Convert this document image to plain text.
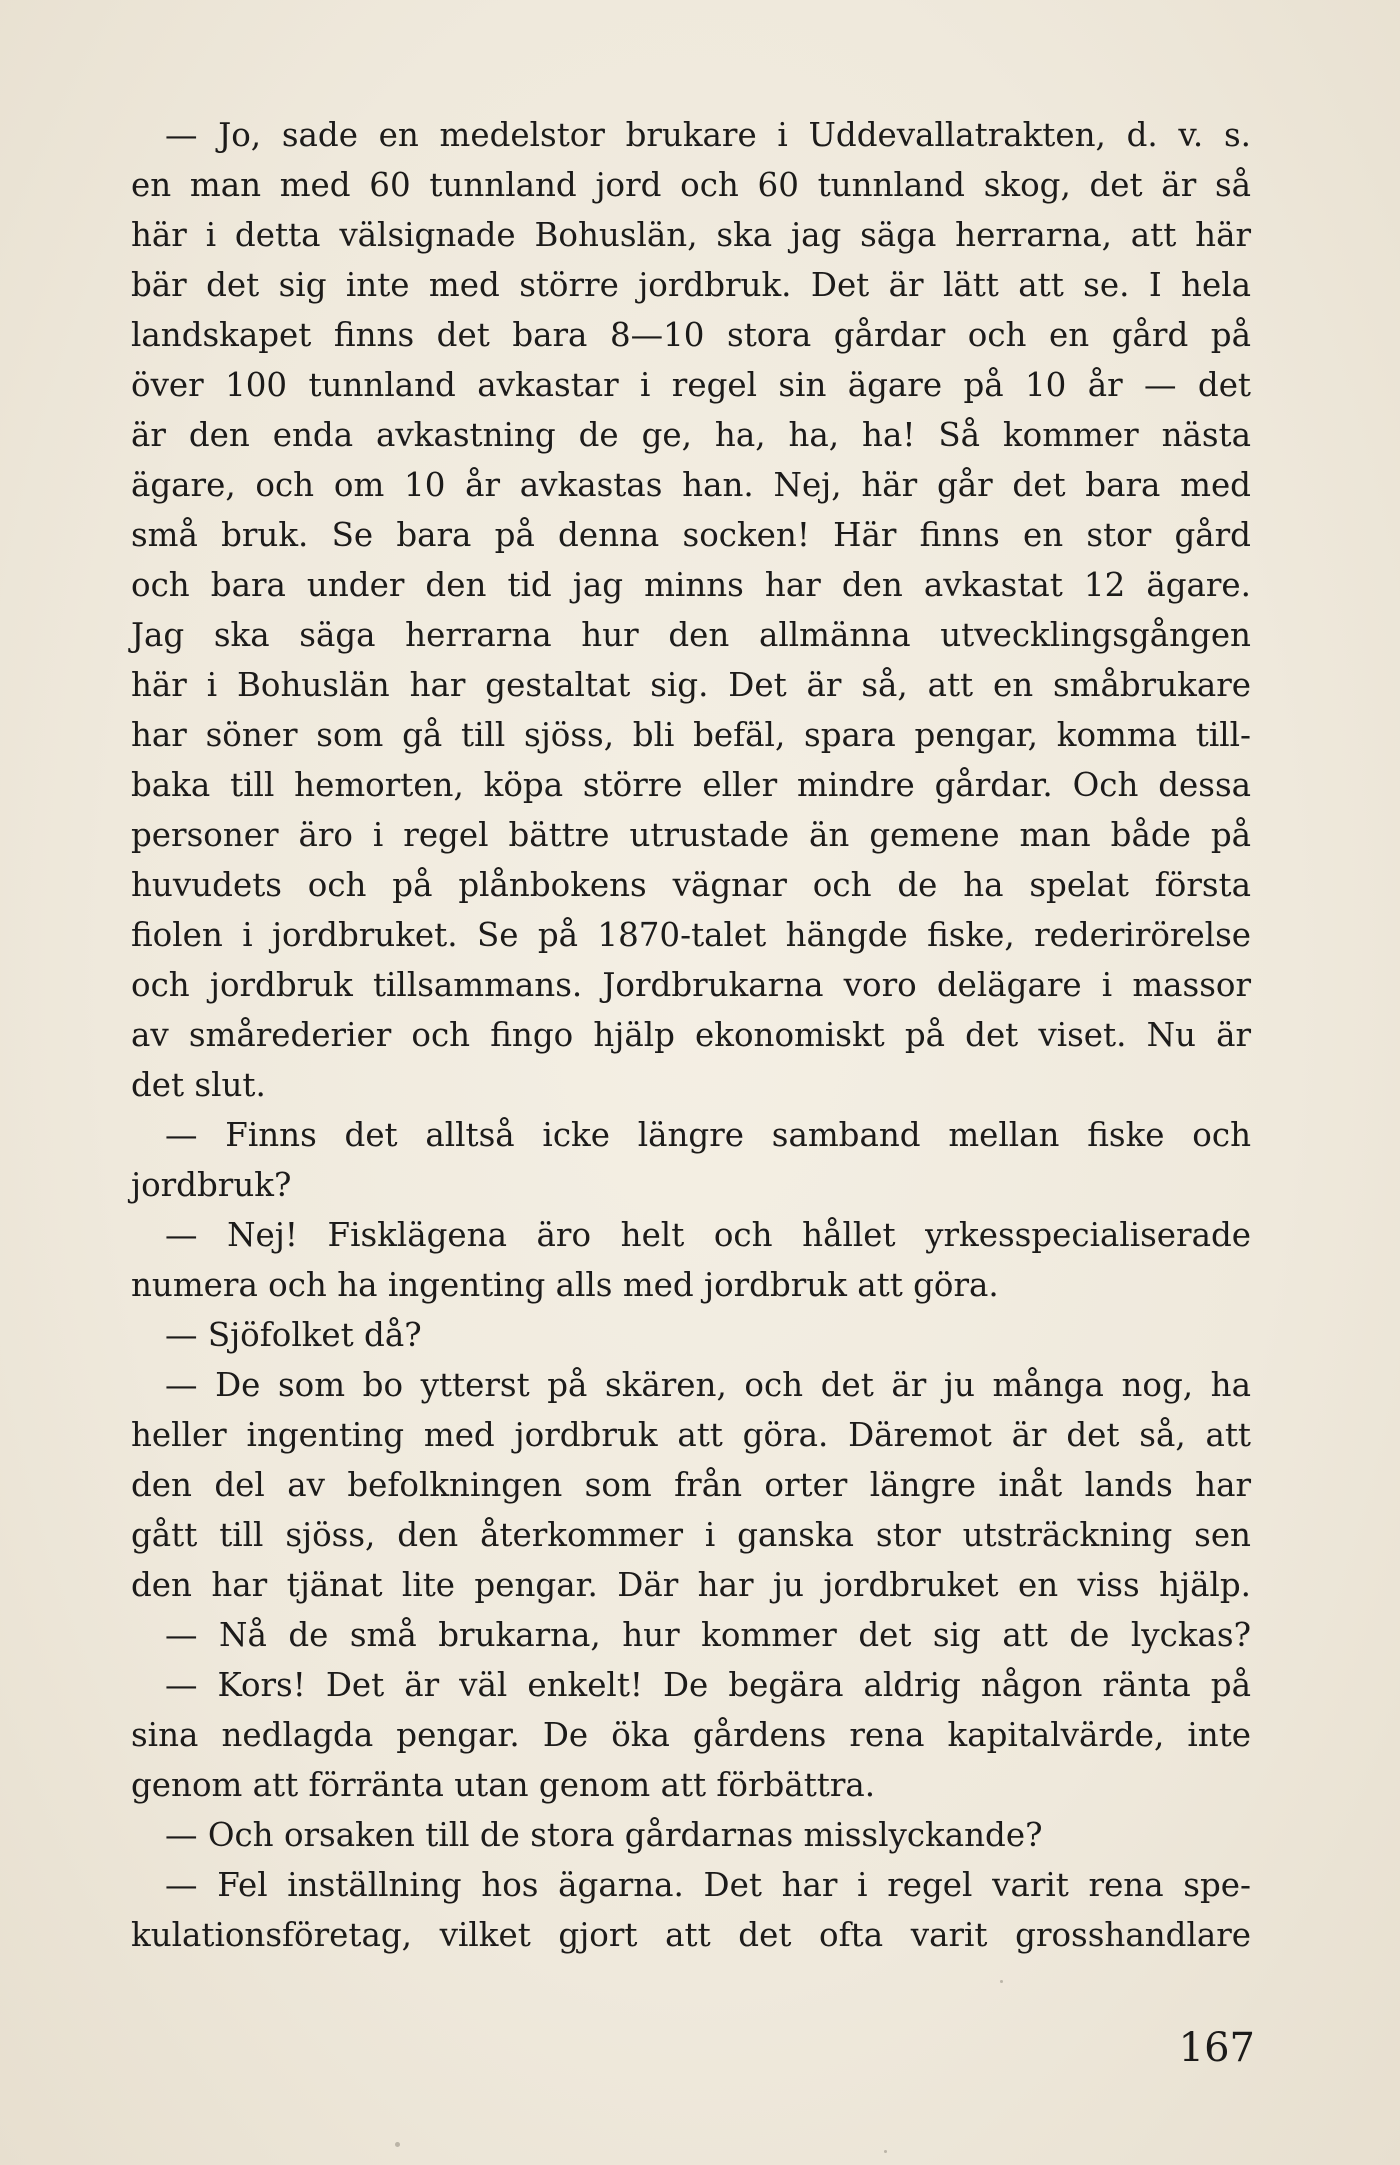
— Jo, sade en medelstor brukare i Uddevallatrakten, d. v. s.
en man med 60 tunnland jord och 60 tunnland skog, det är så
här i detta välsignade Bohuslän, ska jag säga herrarna, att här
bär det sig inte med större jordbruk. Det är lätt att se. I hela
landskapet finns det bara 8—10 stora gårdar och en gård på
över 100 tunnland avkastar i regel sin ägare på 10 år — det
är den enda avkastning de ge, ha, ha, ha! Så kommer nästa
ägare, och om 10 år avkastas han. Nej, här går det bara med
små bruk. Se bara på denna socken! Här finns en stor gård
och bara under den tid jag minns har den avkastat 12 ägare.
Jag ska säga herrarna hur den allmänna utvecklingsgången
här i Bohuslän har gestaltat sig. Det är så, att en småbrukare
har söner som gå till sjöss, bli befäl, spara pengar, komma till-
baka till hemorten, köpa större eller mindre gårdar. Och dessa
personer äro i regel bättre utrustade än gemene man både på
huvudets och på plånbokens vägnar och de ha spelat första
fiolen i jordbruket. Se på 1870-talet hängde fiske, rederirörelse
och jordbruk tillsammans. Jordbrukarna voro delägare i massor
av smårederier och fingo hjälp ekonomiskt på det viset. Nu är
det slut.
— Finns det alltså icke längre samband mellan fiske och
jordbruk?
— Nej! Fisklägena äro helt och hållet yrkesspecialiserade
numera och ha ingenting alls med jordbruk att göra.
— Sjöfolket då?
— De som bo ytterst på skären, och det är ju många nog, ha
heller ingenting med jordbruk att göra. Däremot är det så, att
den del av befolkningen som från orter längre inåt lands har
gått till sjöss, den återkommer i ganska stor utsträckning sen
den har tjänat lite pengar. Där har ju jordbruket en viss hjälp.
— Nå de små brukarna, hur kommer det sig att de lyckas?
— Kors! Det är väl enkelt! De begära aldrig någon ränta på
sina nedlagda pengar. De öka gårdens rena kapitalvärde, inte
genom att förränta utan genom att förbättra.
— Och orsaken till de stora gårdarnas misslyckande?
— Fel inställning hos ägarna. Det har i regel varit rena spe-
kulationsföretag, vilket gjort att det ofta varit grosshandlare
167
